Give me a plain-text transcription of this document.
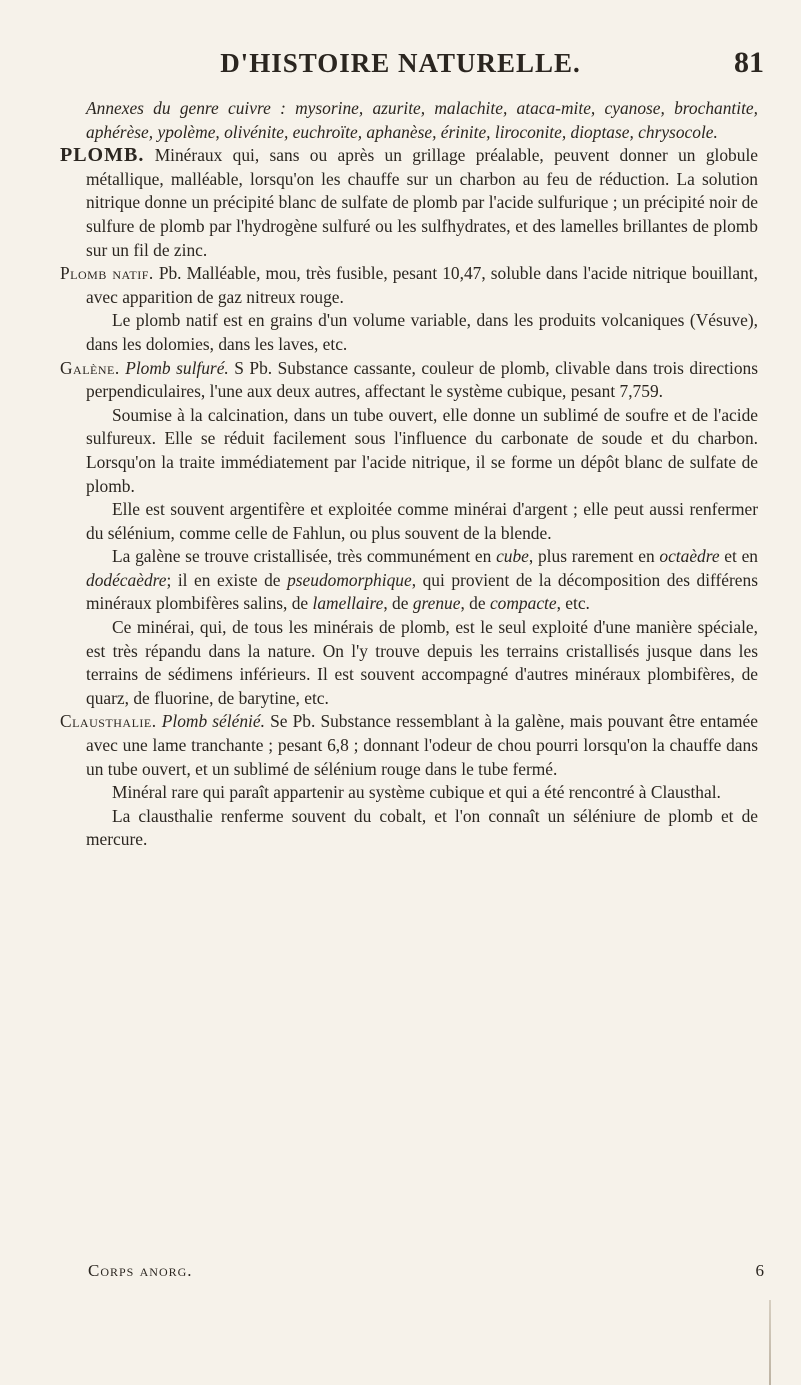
D'HISTOIRE NATURELLE.	81

Annexes du genre cuivre : mysorine, azurite, malachite, ataca-mite, cyanose, brochantite, aphérèse, ypolème, olivénite, euchroïte, aphanèse, érinite, liroconite, dioptase, chrysocole.

PLOMB. Minéraux qui, sans ou après un grillage préalable, peuvent donner un globule métallique, malléable, lorsqu'on les chauffe sur un charbon au feu de réduction. La solution nitrique donne un précipité blanc de sulfate de plomb par l'acide sulfurique ; un précipité noir de sulfure de plomb par l'hydrogène sulfuré ou les sulfhydrates, et des lamelles brillantes de plomb sur un fil de zinc.

Plomb natif. Pb. Malléable, mou, très fusible, pesant 10,47, soluble dans l'acide nitrique bouillant, avec apparition de gaz nitreux rouge.

Le plomb natif est en grains d'un volume variable, dans les produits volcaniques (Vésuve), dans les dolomies, dans les laves, etc.

Galène. Plomb sulfuré. S Pb. Substance cassante, couleur de plomb, clivable dans trois directions perpendiculaires, l'une aux deux autres, affectant le système cubique, pesant 7,759.

Soumise à la calcination, dans un tube ouvert, elle donne un sublimé de soufre et de l'acide sulfureux. Elle se réduit facilement sous l'influence du carbonate de soude et du charbon. Lorsqu'on la traite immédiatement par l'acide nitrique, il se forme un dépôt blanc de sulfate de plomb.

Elle est souvent argentifère et exploitée comme minérai d'argent ; elle peut aussi renfermer du sélénium, comme celle de Fahlun, ou plus souvent de la blende.

La galène se trouve cristallisée, très communément en cube, plus rarement en octaèdre et en dodécaèdre; il en existe de pseudomorphique, qui provient de la décomposition des différens minéraux plombifères salins, de lamellaire, de grenue, de compacte, etc.

Ce minérai, qui, de tous les minérais de plomb, est le seul exploité d'une manière spéciale, est très répandu dans la nature. On l'y trouve depuis les terrains cristallisés jusque dans les terrains de sédimens inférieurs. Il est souvent accompagné d'autres minéraux plombifères, de quarz, de fluorine, de barytine, etc.

Clausthalie. Plomb sélénié. Se Pb. Substance ressemblant à la galène, mais pouvant être entamée avec une lame tranchante ; pesant 6,8 ; donnant l'odeur de chou pourri lorsqu'on la chauffe dans un tube ouvert, et un sublimé de sélénium rouge dans le tube fermé.

Minéral rare qui paraît appartenir au système cubique et qui a été rencontré à Clausthal.

La clausthalie renferme souvent du cobalt, et l'on connaît un séléniure de plomb et de mercure.

Corps anorg.	6
